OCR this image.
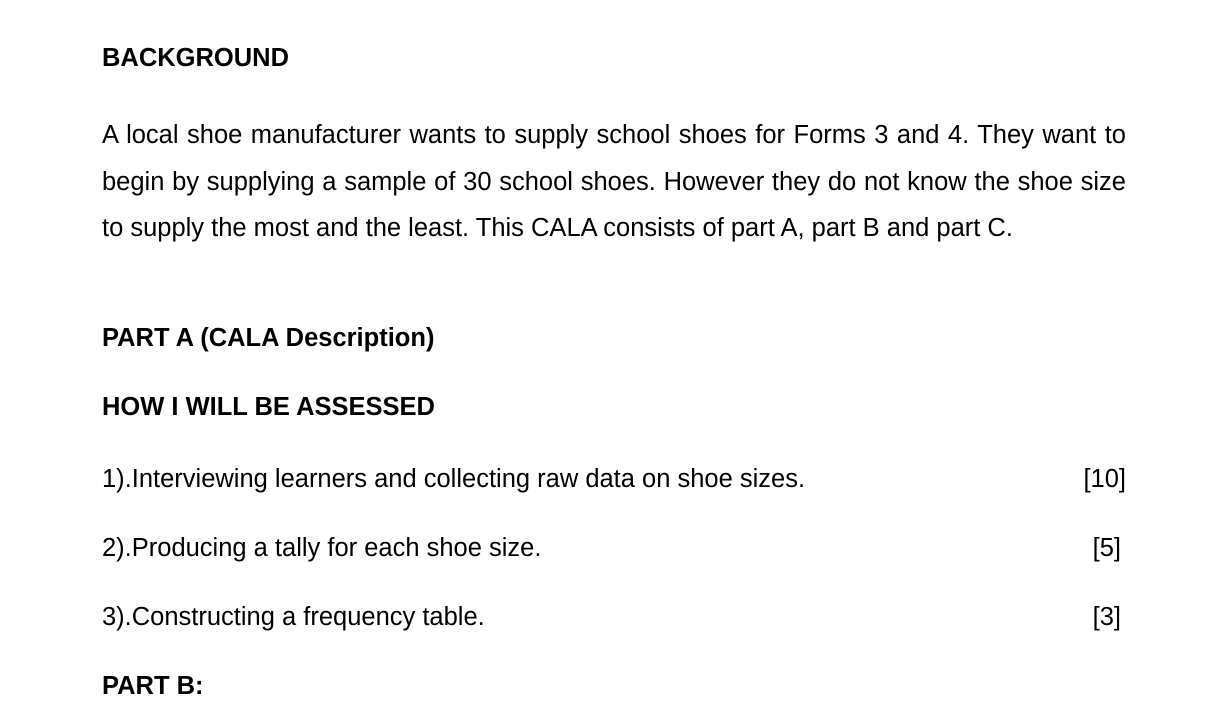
BACKGROUND

A local shoe manufacturer wants to supply school shoes for Forms 3 and 4. They want to begin by supplying a sample of 30 school shoes. However they do not know the shoe size to supply the most and the least. This CALA consists of part A, part B and part C.

PART A (CALA Description)
HOW I WILL BE ASSESSED
1).Interviewing learners and collecting raw data on shoe sizes.	[10]
2).Producing a tally for each shoe size.	[5]
3).Constructing a frequency table.	[3]
PART B:
